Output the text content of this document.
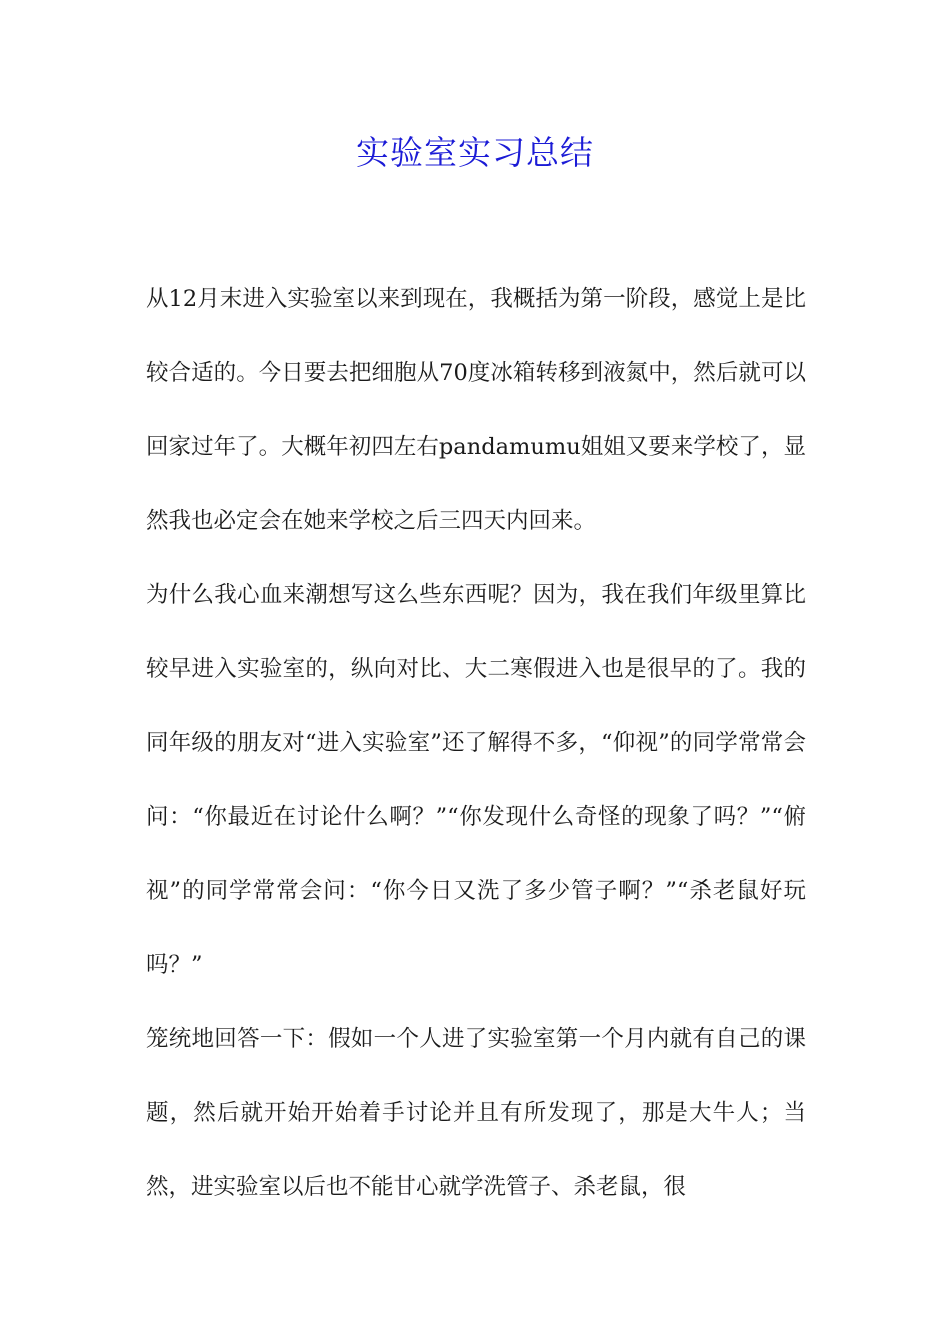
实验室实习总结

从12月末进入实验室以来到现在，我概括为第一阶段，感觉上是比较合适的。今日要去把细胞从70度冰箱转移到液氮中，然后就可以回家过年了。大概年初四左右pandamumu姐姐又要来学校了，显然我也必定会在她来学校之后三四天内回来。

为什么我心血来潮想写这么些东西呢？因为，我在我们年级里算比较早进入实验室的，纵向对比、大二寒假进入也是很早的了。我的同年级的朋友对“进入实验室”还了解得不多，“仰视”的同学常常会问：“你最近在讨论什么啊？”“你发现什么奇怪的现象了吗？”“俯视”的同学常常会问：“你今日又洗了多少管子啊？”“杀老鼠好玩吗？”

笼统地回答一下：假如一个人进了实验室第一个月内就有自己的课题，然后就开始开始着手讨论并且有所发现了，那是大牛人；当然，进实验室以后也不能甘心就学洗管子、杀老鼠，很
